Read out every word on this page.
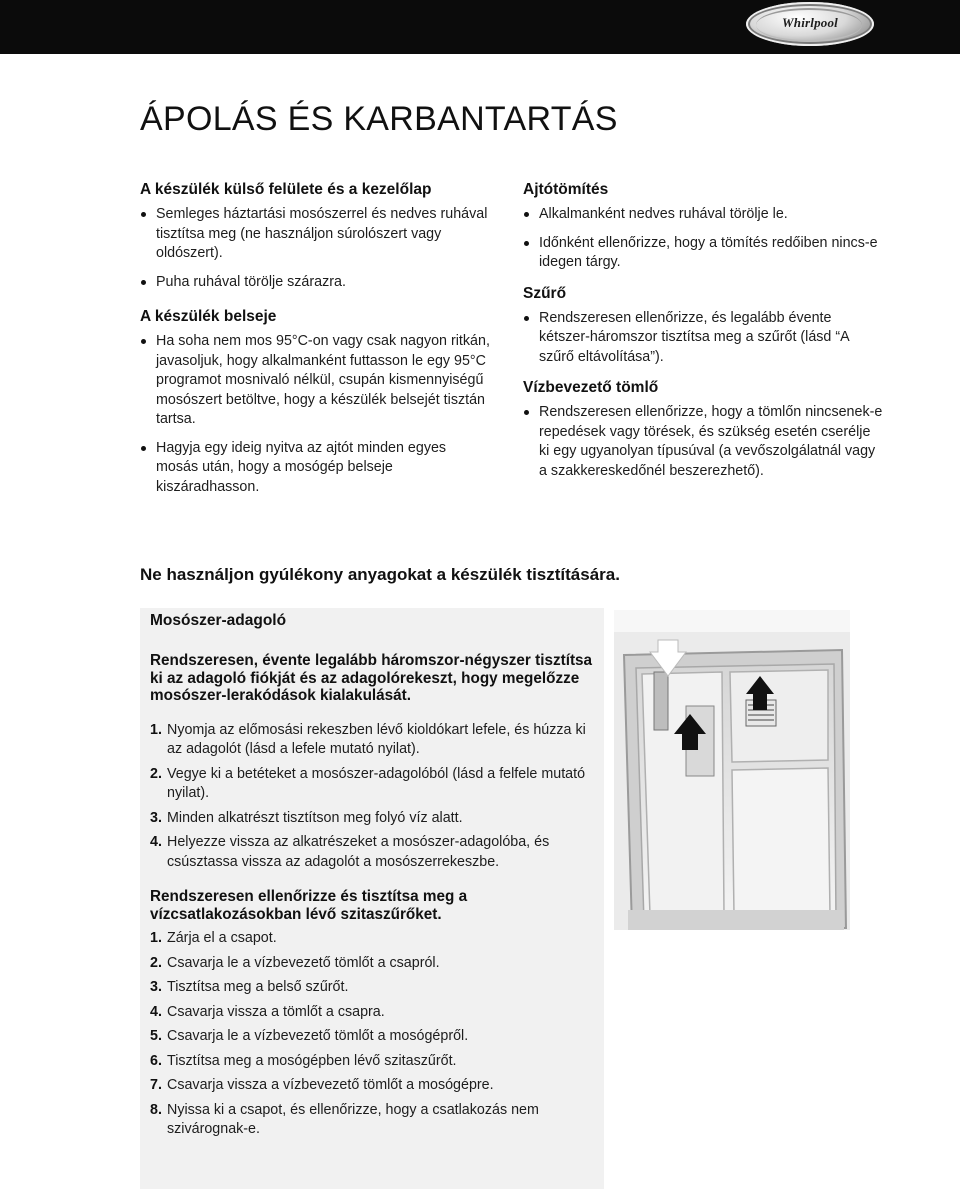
Whirlpool
ÁPOLÁS ÉS KARBANTARTÁS
A készülék külső felülete és a kezelőlap
Semleges háztartási mosószerrel és nedves ruhával tisztítsa meg (ne használjon súrolószert vagy oldószert).
Puha ruhával törölje szárazra.
A készülék belseje
Ha soha nem mos 95°C-on vagy csak nagyon ritkán, javasoljuk, hogy alkalmanként futtasson le egy 95°C programot mosnivaló nélkül, csupán kismennyiségű mosószert betöltve, hogy a készülék belsejét tisztán tartsa.
Hagyja egy ideig nyitva az ajtót minden egyes mosás után, hogy a mosógép belseje kiszáradhasson.
Ajtótömítés
Alkalmanként nedves ruhával törölje le.
Időnként ellenőrizze, hogy a tömítés redőiben nincs-e idegen tárgy.
Szűrő
Rendszeresen ellenőrizze, és legalább évente kétszer-háromszor tisztítsa meg a szűrőt (lásd “A szűrő eltávolítása”).
Vízbevezető tömlő
Rendszeresen ellenőrizze, hogy a tömlőn nincsenek-e repedések vagy törések, és szükség esetén cserélje ki egy ugyanolyan típusúval (a vevőszolgálatnál vagy a szakkereskedőnél beszerezhető).

Ne használjon gyúlékony anyagokat a készülék tisztítására.

Mosószer-adagoló
Rendszeresen, évente legalább háromszor-négyszer tisztítsa ki az adagoló fiókját és az adagolórekeszt, hogy megelőzze mosószer-lerakódások kialakulását.
1. Nyomja az előmosási rekeszben lévő kioldókart lefele, és húzza ki az adagolót (lásd a lefele mutató nyilat).
2. Vegye ki a betéteket a mosószer-adagolóból (lásd a felfele mutató nyilat).
3. Minden alkatrészt tisztítson meg folyó víz alatt.
4. Helyezze vissza az alkatrészeket a mosószer-adagolóba, és csúsztassa vissza az adagolót a mosószerrekeszbe.
Rendszeresen ellenőrizze és tisztítsa meg a vízcsatlakozásokban lévő szitaszűrőket.
1. Zárja el a csapot.
2. Csavarja le a vízbevezető tömlőt a csapról.
3. Tisztítsa meg a belső szűrőt.
4. Csavarja vissza a tömlőt a csapra.
5. Csavarja le a vízbevezető tömlőt a mosógépről.
6. Tisztítsa meg a mosógépben lévő szitaszűrőt.
7. Csavarja vissza a vízbevezető tömlőt a mosógépre.
8. Nyissa ki a csapot, és ellenőrizze, hogy a csatlakozás nem szivárognak-e.
